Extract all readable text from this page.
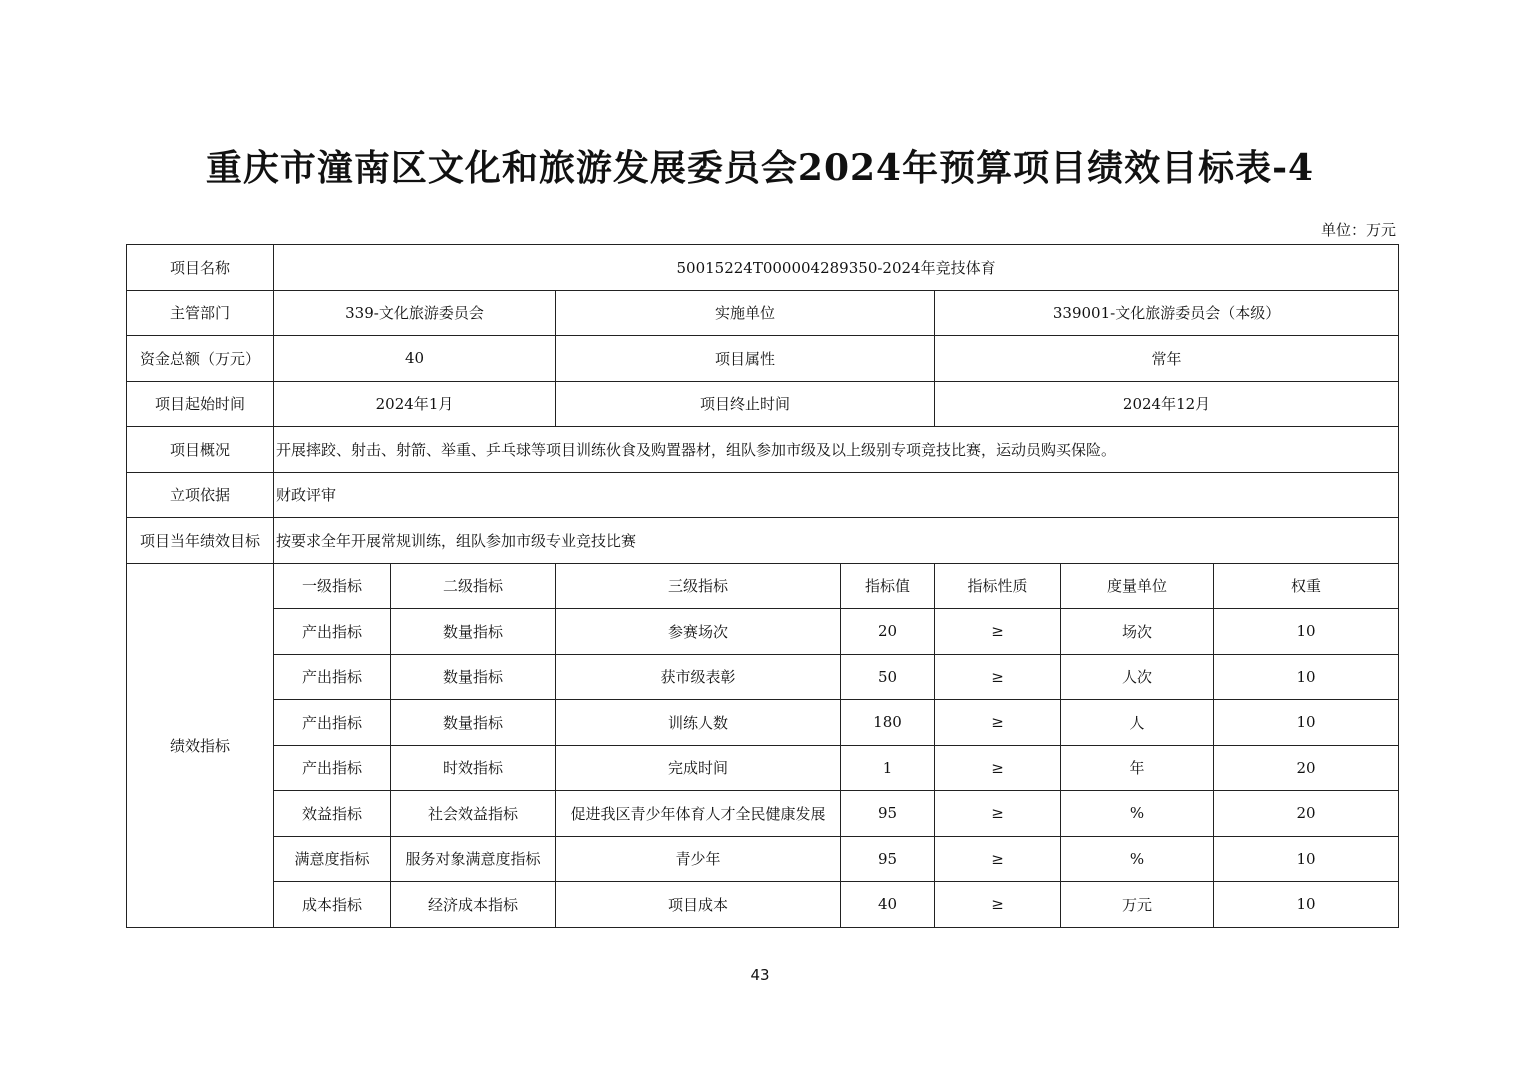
重庆市潼南区文化和旅游发展委员会2024年预算项目绩效目标表-4
单位：万元
项目名称	50015224T000004289350-2024年竞技体育						
主管部门	339-文化旅游委员会		实施单位		339001-文化旅游委员会（本级）		
资金总额（万元）	40		项目属性		常年		
项目起始时间	2024年1月		项目终止时间		2024年12月		
项目概况	开展摔跤、射击、射箭、举重、乒乓球等项目训练伙食及购置器材，组队参加市级及以上级别专项竞技比赛，运动员购买保险。						
立项依据	财政评审						
项目当年绩效目标	按要求全年开展常规训练，组队参加市级专业竞技比赛						
绩效指标	一级指标	二级指标	三级指标	指标值	指标性质	度量单位	权重
	产出指标	数量指标	参赛场次	20	≥	场次	10
	产出指标	数量指标	获市级表彰	50	≥	人次	10
	产出指标	数量指标	训练人数	180	≥	人	10
	产出指标	时效指标	完成时间	1	≥	年	20
	效益指标	社会效益指标	促进我区青少年体育人才全民健康发展	95	≥	%	20
	满意度指标	服务对象满意度指标	青少年	95	≥	%	10
	成本指标	经济成本指标	项目成本	40	≥	万元	10
43
